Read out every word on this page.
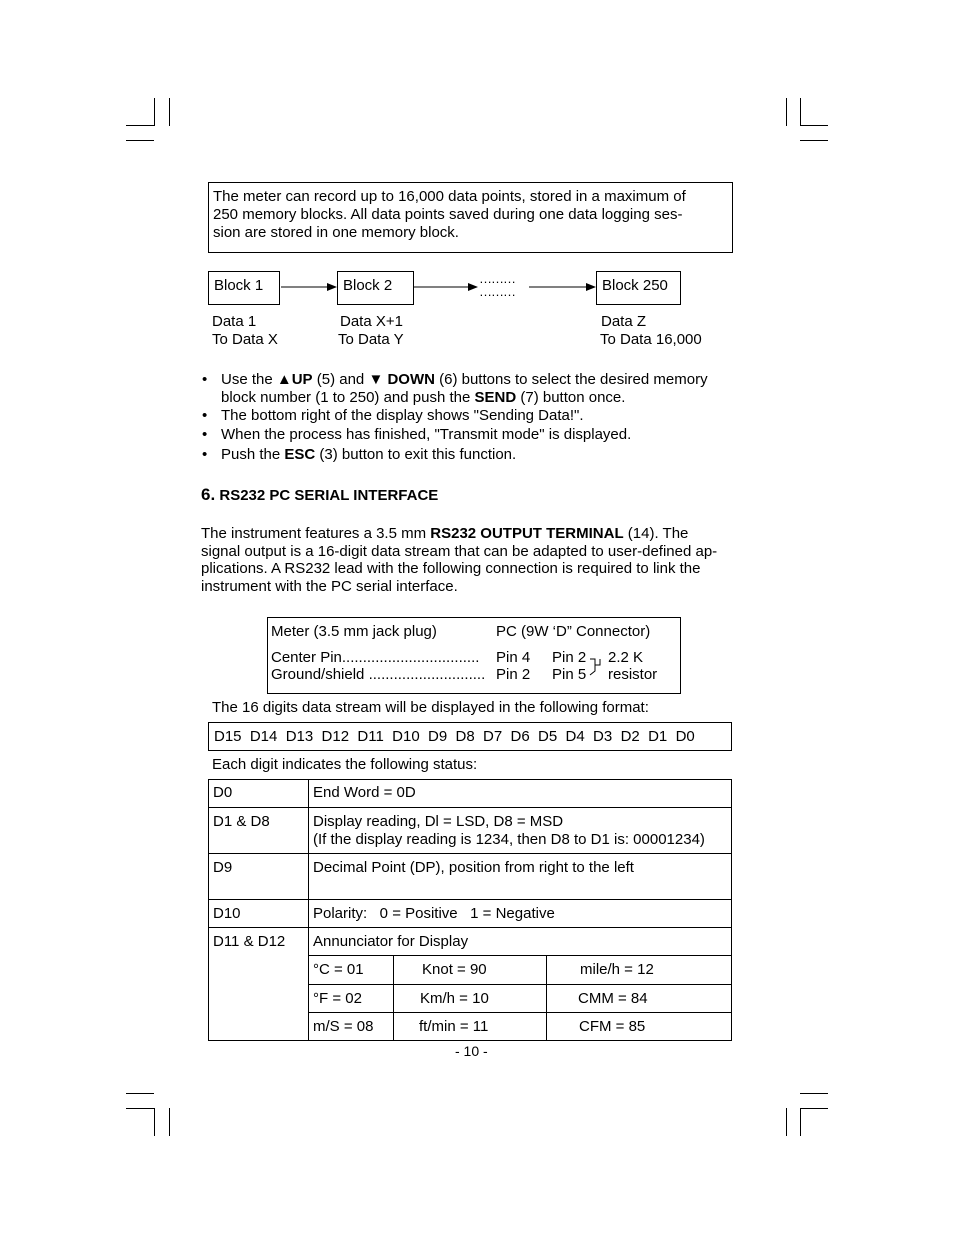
The meter can record up to 16,000 data points, stored in a maximum of
250 memory blocks. All data points saved during one data logging ses-
sion are stored in one memory block.
Block 1	Block 2	Block 250
………
………
Data 1
To Data X
Data X+1
To Data Y
Data Z
To Data 16,000
• Use the ▲UP (5) and ▼ DOWN (6) buttons to select the desired memory
block number (1 to 250) and push the SEND (7) button once.
• The bottom right of the display shows "Sending Data!".
• When the process has finished, "Transmit mode" is displayed.
• Push the ESC (3) button to exit this function.
6. RS232 PC SERIAL INTERFACE
The instrument features a 3.5 mm RS232 OUTPUT TERMINAL (14). The
signal output is a 16-digit data stream that can be adapted to user-defined ap-
plications. A RS232 lead with the following connection is required to link the
instrument with the PC serial interface.
Meter (3.5 mm jack plug)	PC (9W ‘D” Connector)
Center Pin................................. Pin 4 Pin 2 2.2 K
Ground/shield ............................ Pin 2 Pin 5 resistor
The 16 digits data stream will be displayed in the following format:
D15  D14  D13  D12  D11  D10  D9  D8  D7  D6  D5  D4  D3  D2  D1  D0
Each digit indicates the following status:
D0	End Word = 0D
D1 & D8	Display reading, Dl = LSD, D8 = MSD
(If the display reading is 1234, then D8 to D1 is: 00001234)
D9	Decimal Point (DP), position from right to the left
D10	Polarity:   0 = Positive   1 = Negative
D11 & D12 Annunciator for Display
°C = 01	Knot = 90	mile/h = 12
°F = 02	Km/h = 10	CMM = 84
m/S = 08	ft/min = 11	CFM = 85
- 10 -
